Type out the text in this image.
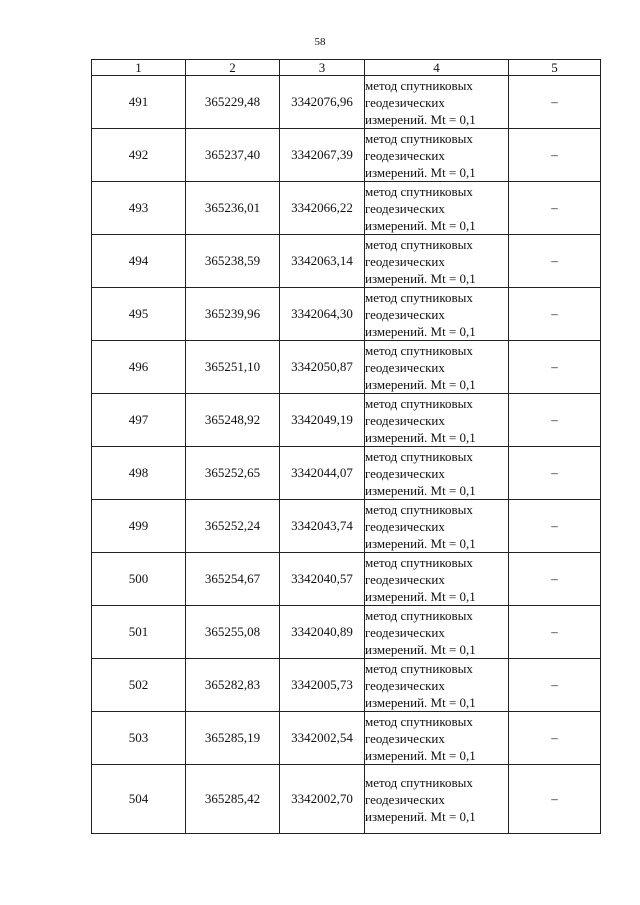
58
1	2	3	4	5
491	365229,48	3342076,96	метод спутниковых
геодезических
измерений. Mt = 0,1	–
492	365237,40	3342067,39	метод спутниковых
геодезических
измерений. Mt = 0,1	–
493	365236,01	3342066,22	метод спутниковых
геодезических
измерений. Mt = 0,1	–
494	365238,59	3342063,14	метод спутниковых
геодезических
измерений. Mt = 0,1	–
495	365239,96	3342064,30	метод спутниковых
геодезических
измерений. Mt = 0,1	–
496	365251,10	3342050,87	метод спутниковых
геодезических
измерений. Mt = 0,1	–
497	365248,92	3342049,19	метод спутниковых
геодезических
измерений. Mt = 0,1	–
498	365252,65	3342044,07	метод спутниковых
геодезических
измерений. Mt = 0,1	–
499	365252,24	3342043,74	метод спутниковых
геодезических
измерений. Mt = 0,1	–
500	365254,67	3342040,57	метод спутниковых
геодезических
измерений. Mt = 0,1	–
501	365255,08	3342040,89	метод спутниковых
геодезических
измерений. Mt = 0,1	–
502	365282,83	3342005,73	метод спутниковых
геодезических
измерений. Mt = 0,1	–
503	365285,19	3342002,54	метод спутниковых
геодезических
измерений. Mt = 0,1	–
504	365285,42	3342002,70	метод спутниковых
геодезических
измерений. Mt = 0,1	–
